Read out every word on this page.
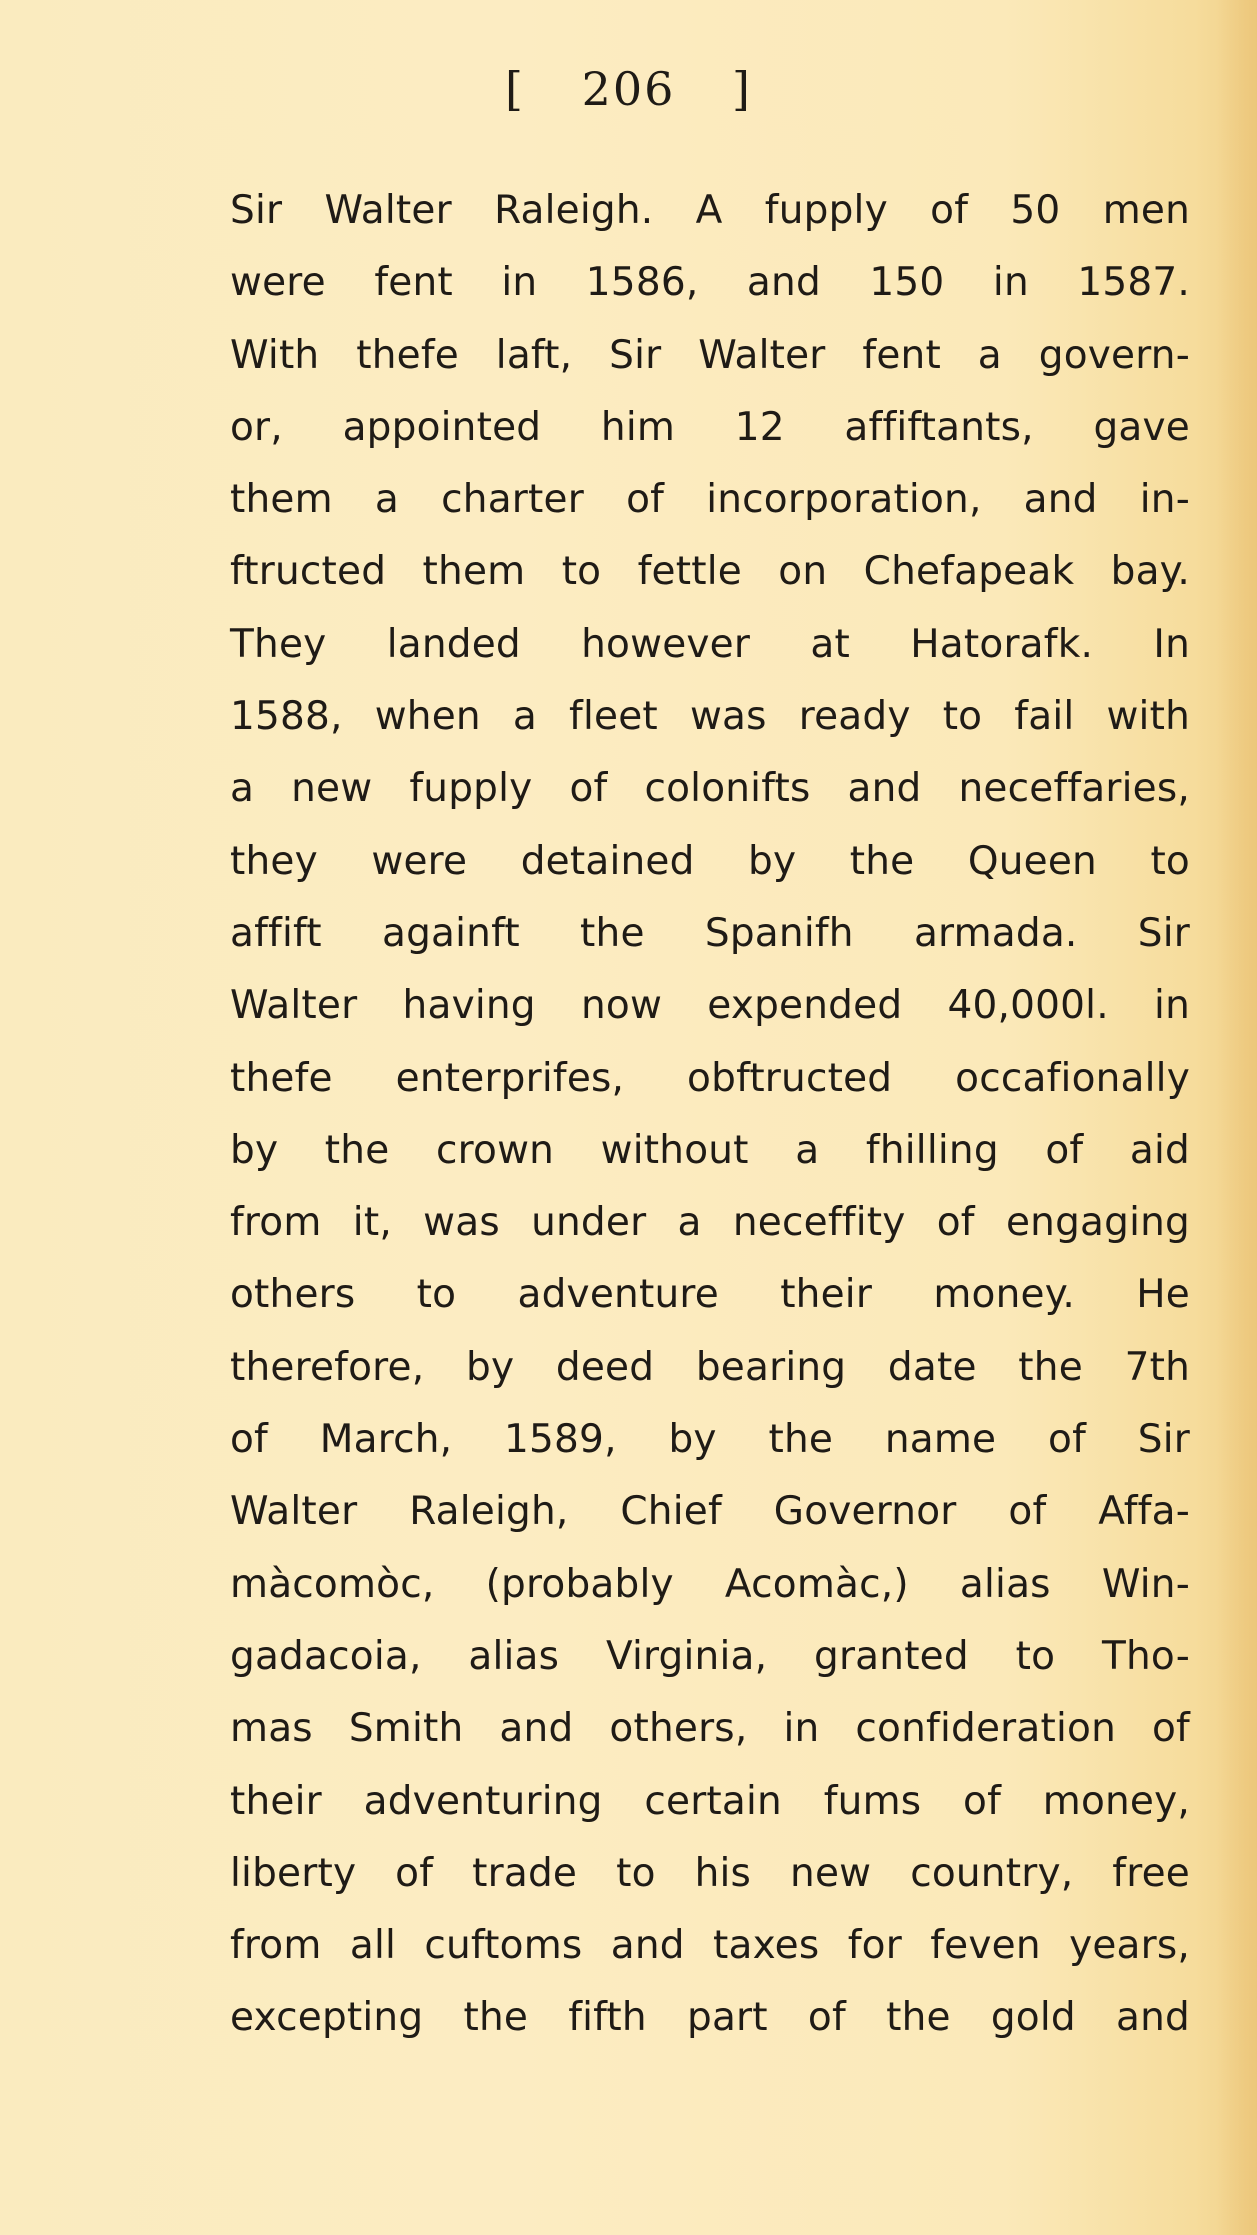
[ 206 ]
Sir Walter Raleigh. A fupply of 50 men
were fent in 1586, and 150 in 1587.
With thefe laft, Sir Walter fent a govern-
or, appointed him 12 affiftants, gave
them a charter of incorporation, and in-
ftructed them to fettle on Chefapeak bay.
They landed however at Hatorafk. In
1588, when a fleet was ready to fail with
a new fupply of colonifts and neceffaries,
they were detained by the Queen to
affift againft the Spanifh armada. Sir
Walter having now expended 40,000l. in
thefe enterprifes, obftructed occafionally
by the crown without a fhilling of aid
from it, was under a neceffity of engaging
others to adventure their money. He
therefore, by deed bearing date the 7th
of March, 1589, by the name of Sir
Walter Raleigh, Chief Governor of Affa-
màcomòc, (probably Acomàc,) alias Win-
gadacoia, alias Virginia, granted to Tho-
mas Smith and others, in confideration of
their adventuring certain fums of money,
liberty of trade to his new country, free
from all cuftoms and taxes for feven years,
excepting the fifth part of the gold and
